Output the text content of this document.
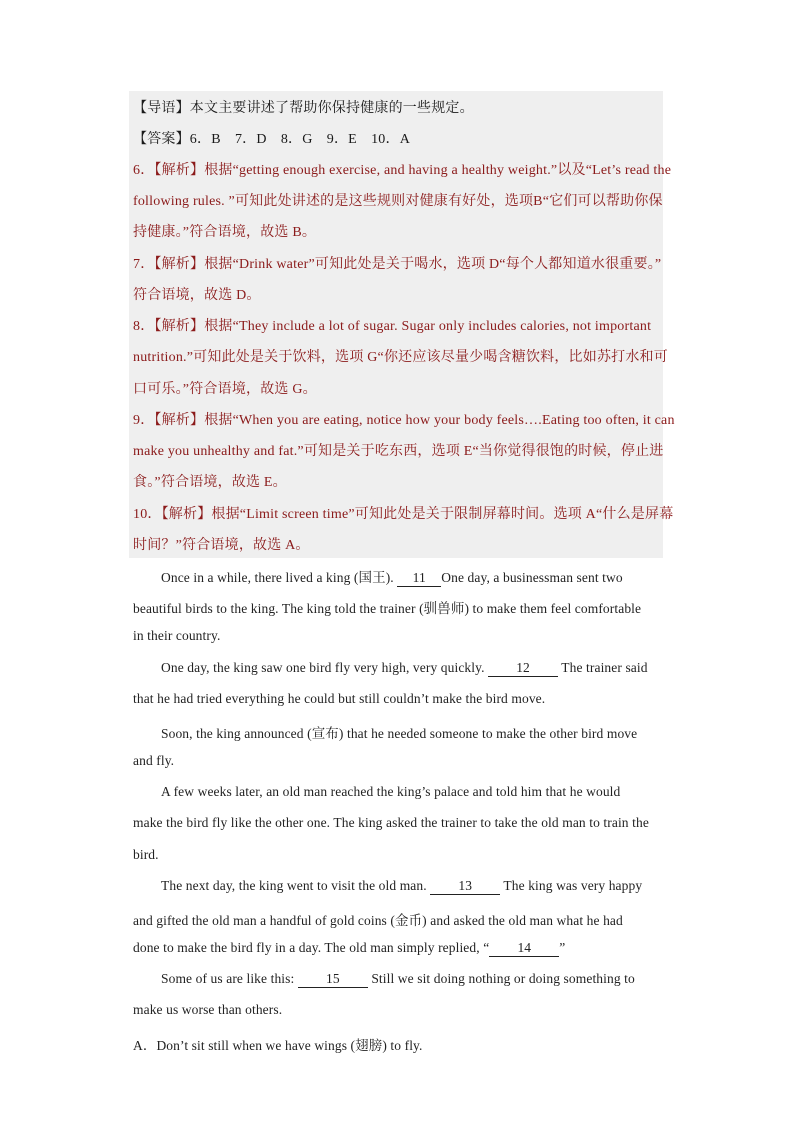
【导语】本文主要讲述了帮助你保持健康的一些规定。
【答案】6．B　7．D　8．G　9．E　10．A
6．【解析】根据“getting enough exercise, and having a healthy weight.”以及“Let’s read the
following rules. ”可知此处讲述的是这些规则对健康有好处，选项B“它们可以帮助你保
持健康。”符合语境，故选 B。
7．【解析】根据“Drink water”可知此处是关于喝水，选项 D“每个人都知道水很重要。”
符合语境，故选 D。
8．【解析】根据“They include a lot of sugar. Sugar only includes calories, not important
nutrition.”可知此处是关于饮料，选项 G“你还应该尽量少喝含糖饮料，比如苏打水和可
口可乐。”符合语境，故选 G。
9．【解析】根据“When you are eating, notice how your body feels….Eating too often, it can
make you unhealthy and fat.”可知是关于吃东西，选项 E“当你觉得很饱的时候，停止进
食。”符合语境，故选 E。
10．【解析】根据“Limit screen time”可知此处是关于限制屏幕时间。选项 A“什么是屏幕
时间？”符合语境，故选 A。
Once in a while, there lived a king (国王). 11 One day, a businessman sent two
beautiful birds to the king. The king told the trainer (驯兽师) to make them feel comfortable
in their country.
One day, the king saw one bird fly very high, very quickly. 12 The trainer said
that he had tried everything he could but still couldn’t make the bird move.
Soon, the king announced (宣布) that he needed someone to make the other bird move
and fly.
A few weeks later, an old man reached the king’s palace and told him that he would
make the bird fly like the other one. The king asked the trainer to take the old man to train the
bird.
The next day, the king went to visit the old man. 13 The king was very happy
and gifted the old man a handful of gold coins (金币) and asked the old man what he had
done to make the bird fly in a day. The old man simply replied, “ 14 ”
Some of us are like this: 15 Still we sit doing nothing or doing something to
make us worse than others.
A．Don’t sit still when we have wings (翅膀) to fly.
